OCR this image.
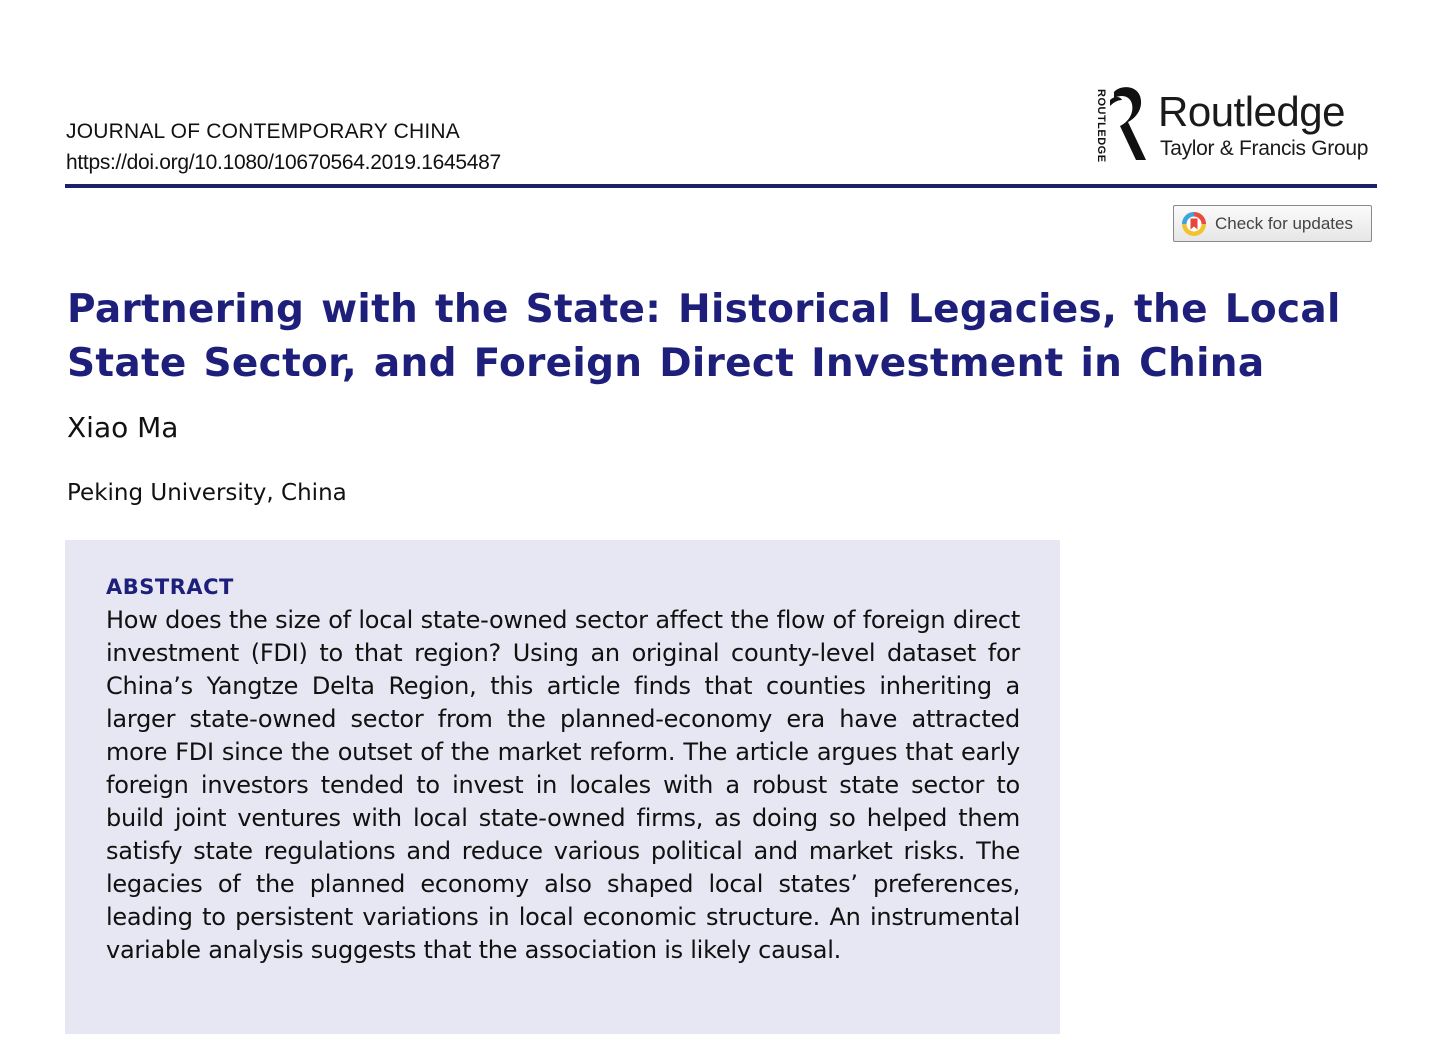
JOURNAL OF CONTEMPORARY CHINA
https://doi.org/10.1080/10670564.2019.1645487	ROUTLEDGE Routledge
Taylor & Francis Group
Check for updates
Partnering with the State: Historical Legacies, the Local State Sector, and Foreign Direct Investment in China
Xiao Ma
Peking University, China
ABSTRACT

How does the size of local state-owned sector affect the flow of foreign direct investment (FDI) to that region? Using an original county-level dataset for China’s Yangtze Delta Region, this article finds that counties inheriting a larger state-owned sector from the planned-economy era have attracted more FDI since the outset of the market reform. The article argues that early foreign investors tended to invest in locales with a robust state sector to build joint ventures with local state-owned firms, as doing so helped them satisfy state regulations and reduce various political and market risks. The legacies of the planned economy also shaped local states’ preferences, leading to persistent variations in local economic structure. An instrumental variable analysis suggests that the association is likely causal.
